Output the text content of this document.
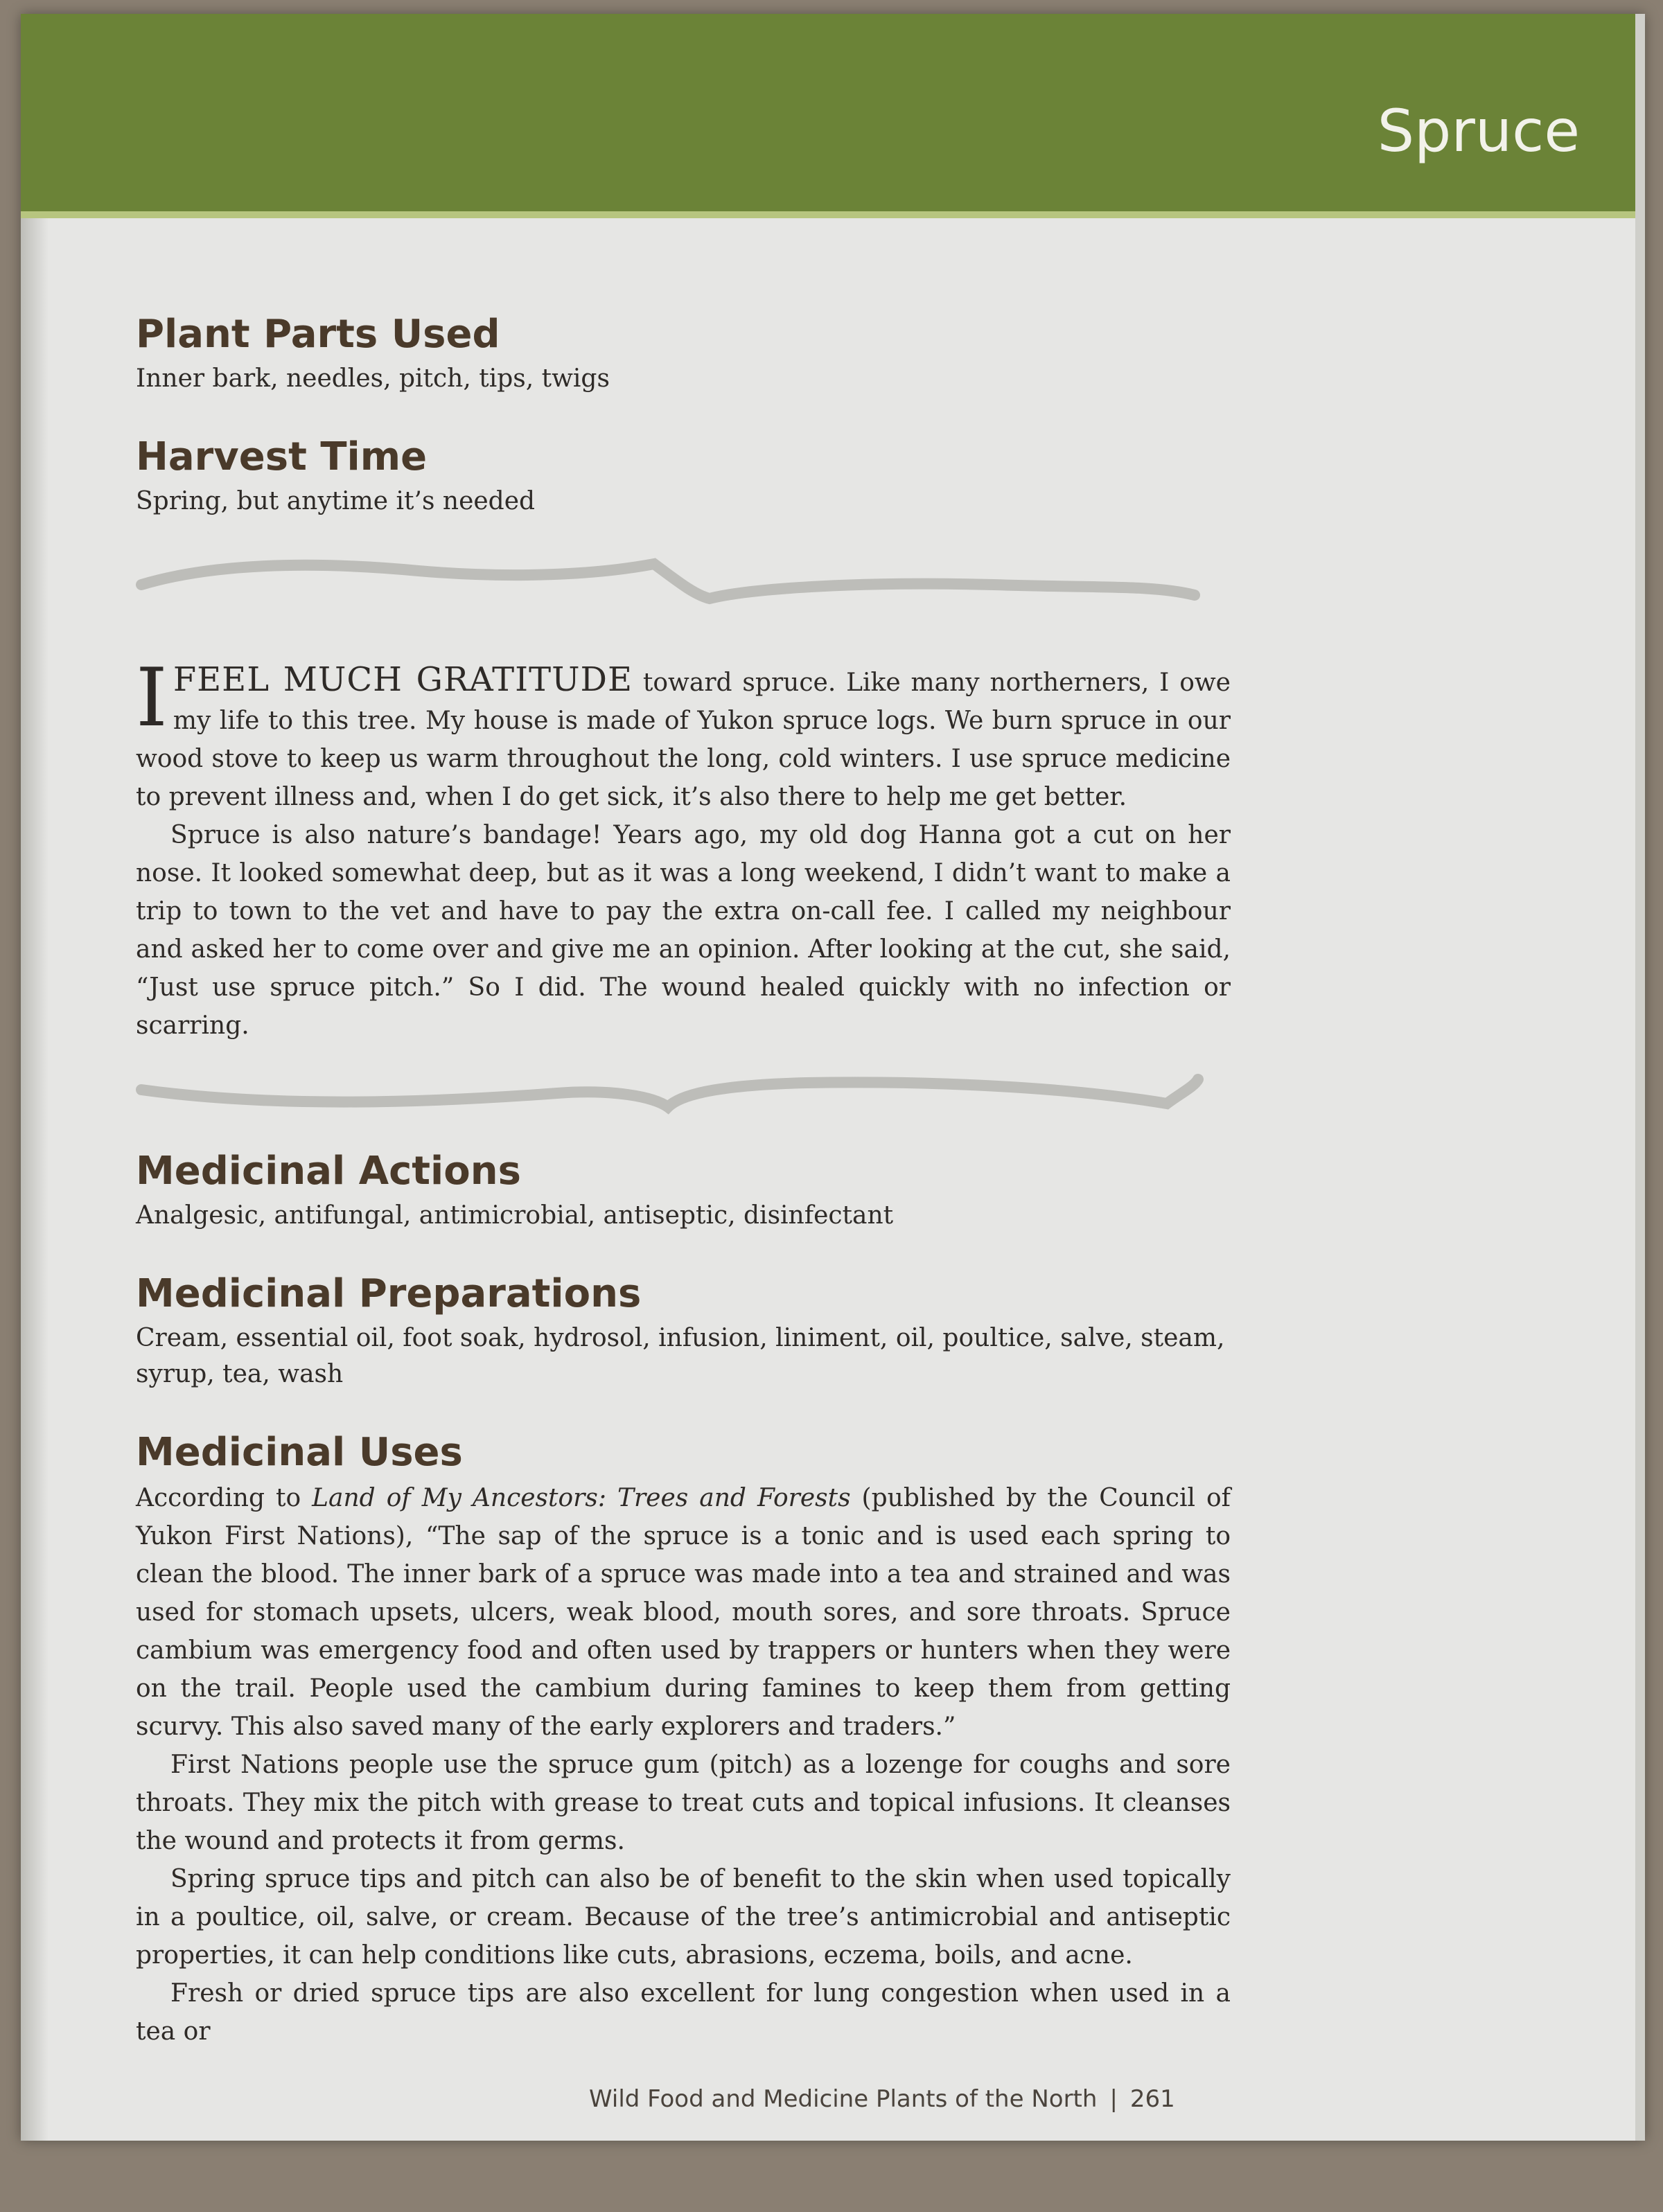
Spruce
Plant Parts Used

Inner bark, needles, pitch, tips, twigs

Harvest Time

Spring, but anytime it’s needed

IFEEL MUCH GRATITUDE toward spruce. Like many northerners, I owe my life to this tree. My house is made of Yukon spruce logs. We burn spruce in our wood stove to keep us warm throughout the long, cold winters. I use spruce medicine to prevent illness and, when I do get sick, it’s also there to help me get better.

Spruce is also nature’s bandage! Years ago, my old dog Hanna got a cut on her nose. It looked somewhat deep, but as it was a long weekend, I didn’t want to make a trip to town to the vet and have to pay the extra on-call fee. I called my neighbour and asked her to come over and give me an opinion. After looking at the cut, she said, “Just use spruce pitch.” So I did. The wound healed quickly with no infection or scarring.

Medicinal Actions

Analgesic, antifungal, antimicrobial, antiseptic, disinfectant

Medicinal Preparations

Cream, essential oil, foot soak, hydrosol, infusion, liniment, oil, poultice, salve, steam, syrup, tea, wash

Medicinal Uses

According to Land of My Ancestors: Trees and Forests (published by the Council of Yukon First Nations), “The sap of the spruce is a tonic and is used each spring to clean the blood. The inner bark of a spruce was made into a tea and strained and was used for stomach upsets, ulcers, weak blood, mouth sores, and sore throats. Spruce cambium was emergency food and often used by trappers or hunters when they were on the trail. People used the cambium during famines to keep them from getting scurvy. This also saved many of the early explorers and traders.”

First Nations people use the spruce gum (pitch) as a lozenge for coughs and sore throats. They mix the pitch with grease to treat cuts and topical infusions. It cleanses the wound and protects it from germs.

Spring spruce tips and pitch can also be of benefit to the skin when used topically in a poultice, oil, salve, or cream. Because of the tree’s antimicrobial and antiseptic properties, it can help conditions like cuts, abrasions, eczema, boils, and acne.

Fresh or dried spruce tips are also excellent for lung congestion when used in a tea or

Wild Food and Medicine Plants of the North | 261
